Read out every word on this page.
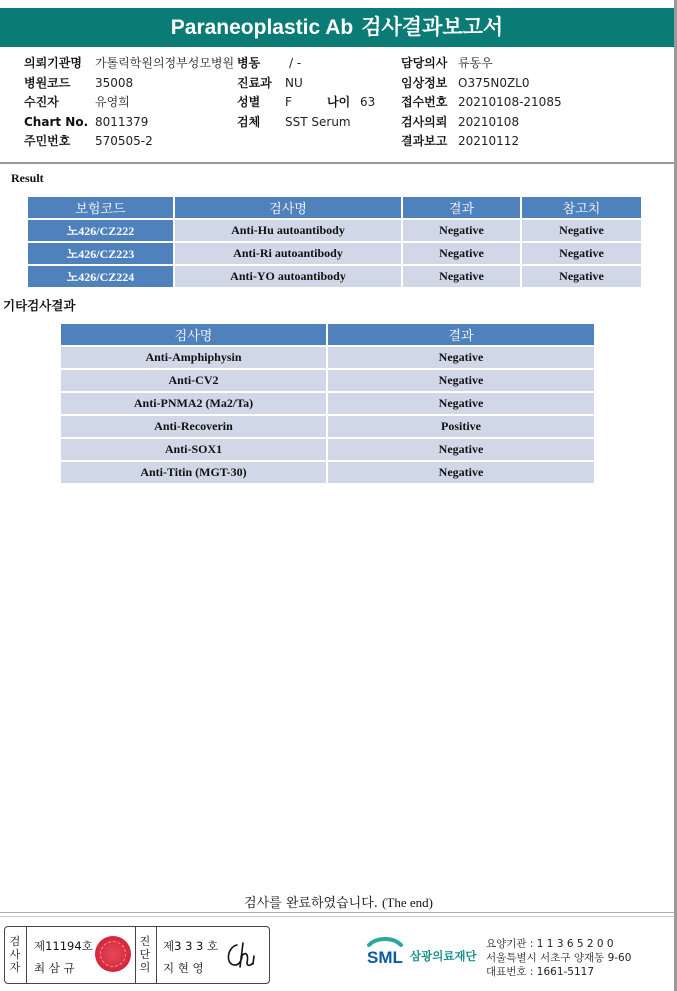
Paraneoplastic Ab 검사결과보고서
의뢰기관명 가톨릭학원의정부성모병원
병원코드 35008
수진자	유영희
Chart No. 8011379
주민번호 570505-2
병동 / -
진료과 NU
성별 F	나이 63
검체 SST Serum
담당의사 류동우
임상정보 O375N0ZL0
접수번호 20210108-21085
검사의뢰 20210108
결과보고 20210112
Result
보험코드	검사명	결과	참고치
노426/CZ222	Anti-Hu autoantibody	Negative	Negative
노426/CZ223	Anti-Ri autoantibody	Negative	Negative
노426/CZ224	Anti-YO autoantibody	Negative	Negative
기타검사결과
검사명	결과
Anti-Amphiphysin	Negative
Anti-CV2	Negative
Anti-PNMA2 (Ma2/Ta)	Negative
Anti-Recoverin	Positive
Anti-SOX1	Negative
Anti-Titin (MGT-30)	Negative
검사를 완료하였습니다. (The end)
검
사
자
제11194호
최 삼 규
진
단
의
제3 3 3 호
지 현 영
SML 삼광의료재단
요양기관 : 1 1 3 6 5 2 0 0
서울특별시 서초구 양재동 9-60
대표번호 : 1661-5117
